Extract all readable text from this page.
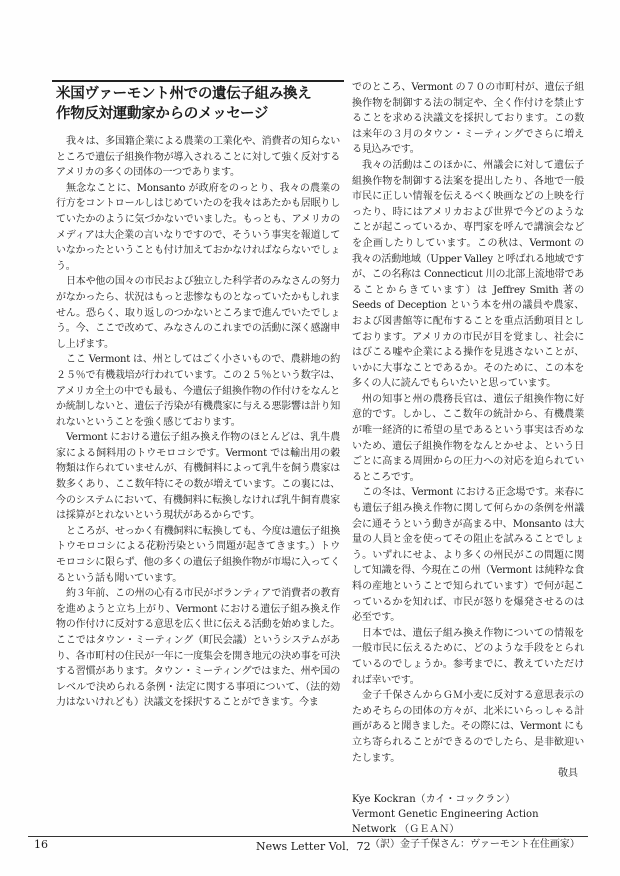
米国ヴァーモント州での遺伝子組み換え
作物反対運動家からのメッセージ

我々は、多国籍企業による農業の工業化や、消費者の知らないところで遺伝子組換作物が導入されることに対して強く反対するアメリカの多くの団体の一つであります。

無念なことに、Monsanto が政府をのっとり、我々の農業の行方をコントロールしはじめていたのを我々はあたかも居眠りしていたかのように気づかないでいました。もっとも、アメリカのメディアは大企業の言いなりですので、そういう事実を報道していなかったということも付け加えておかなければならないでしょう。

日本や他の国々の市民および独立した科学者のみなさんの努力がなかったら、状況はもっと悲惨なものとなっていたかもしれません。恐らく、取り返しのつかないところまで進んでいたでしょう。今、ここで改めて、みなさんのこれまでの活動に深く感謝申し上げます。

ここ Vermont は、州としてはごく小さいもので、農耕地の約２５％で有機栽培が行われています。この２５％という数字は、アメリカ全土の中でも最も、今遺伝子組換作物の作付けをなんとか統制しないと、遺伝子汚染が有機農家に与える悪影響は計り知れないということを強く感じております。

Vermont における遺伝子組み換え作物のほとんどは、乳牛農家による飼料用のトウモロコシです。Vermont では輸出用の穀物類は作られていませんが、有機飼料によって乳牛を飼う農家は数多くあり、ここ数年特にその数が増えています。この裏には、今のシステムにおいて、有機飼料に転換しなければ乳牛飼育農家は採算がとれないという現状があるからです。

ところが、せっかく有機飼料に転換しても、今度は遺伝子組換トウモロコシによる花粉汚染という問題が起きてきます。）トウモロコシに限らず、他の多くの遺伝子組換作物が市場に入ってくるという話も聞いています。

約３年前、この州の心有る市民がボランティアで消費者の教育を進めようと立ち上がり、Vermont における遺伝子組み換え作物の作付けに反対する意思を広く世に伝える活動を始めました。ここではタウン・ミーティング（町民会議）というシステムがあり、各市町村の住民が一年に一度集会を開き地元の決め事を可決する習慣があります。タウン・ミーティングではまた、州や国のレベルで決められる条例・法定に関する事項について、（法的効力はないけれども）決議文を採択することができます。今ま

でのところ、Vermont の７０の市町村が、遺伝子組換作物を制御する法の制定や、全く作付けを禁止することを求める決議文を採択しております。この数は来年の３月のタウン・ミーティングでさらに増える見込みです。

我々の活動はこのほかに、州議会に対して遺伝子組換作物を制御する法案を提出したり、各地で一般市民に正しい情報を伝えるべく映画などの上映を行ったり、時にはアメリカおよび世界で今どのようなことが起こっているか、専門家を呼んで講演会などを企画したりしています。この秋は、Vermont の我々の活動地域（Upper Valley と呼ばれる地域ですが、この名称は Connecticut 川の北部上流地帯であることからきています）は Jeffrey Smith 著の Seeds of Deception という本を州の議員や農家、および図書館等に配布することを重点活動項目としております。アメリカの市民が目を覚まし、社会にはびこる嘘や企業による操作を見逃さないことが、いかに大事なことであるか。そのために、この本を多くの人に読んでもらいたいと思っています。

州の知事と州の農務長官は、遺伝子組換作物に好意的です。しかし、ここ数年の統計から、有機農業が唯一経済的に希望の星であるという事実は否めないため、遺伝子組換作物をなんとかせよ、という日ごとに高まる周囲からの圧力への対応を迫られているところです。

この冬は、Vermont における正念場です。来春にも遺伝子組み換え作物に関して何らかの条例を州議会に通そうという動きが高まる中、Monsanto は大量の人員と金を使ってその阻止を試みることでしょう。いずれにせよ、より多くの州民がこの問題に関して知識を得、今現在この州（Vermont は純粋な食料の産地ということで知られています）で何が起こっているかを知れば、市民が怒りを爆発させるのは必至です。

日本では、遺伝子組み換え作物についての情報を一般市民に伝えるために、どのような手段をとられているのでしょうか。参考までに、教えていただければ幸いです。

金子千保さんからＧＭ小麦に反対する意思表示のためそちらの団体の方々が、北米にいらっしゃる計画があると聞きました。その際には、Vermont にも立ち寄られることができるのでしたら、是非歓迎いたします。

敬具

Kye Kockran（カイ・コックラン）

Vermont Genetic Engineering Action Network （ＧＥＡＮ）

（訳）金子千保さん：ヴァーモント在住画家）

16	News Letter Vol．72
